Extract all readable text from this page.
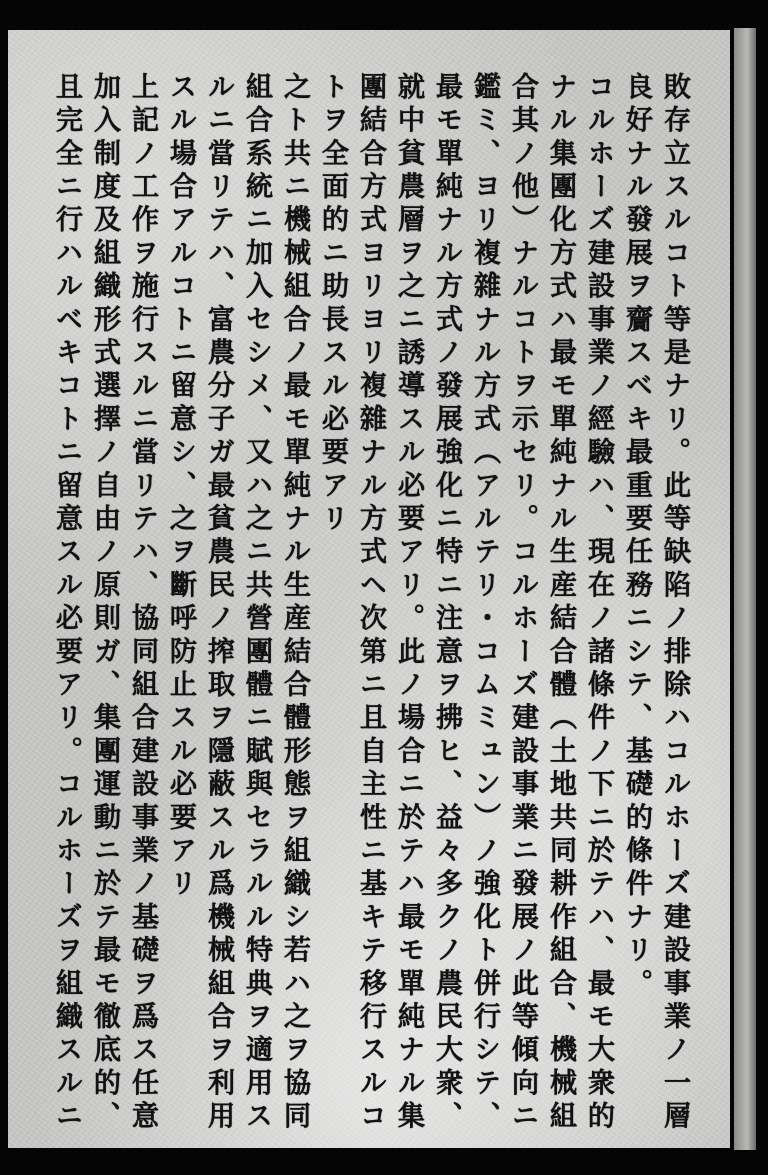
敗存立スルコト等是ナリ。此等缺陷ノ排除ハコルホーズ建設事業ノ一層
良好ナル發展ヲ齎スベキ最重要任務ニシテ、基礎的條件ナリ。
コルホーズ建設事業ノ經驗ハ、現在ノ諸條件ノ下ニ於テハ、最モ大衆的
ナル集團化方式ハ最モ單純ナル生産結合體（土地共同耕作組合、機械組
合其ノ他）ナルコトヲ示セリ。コルホーズ建設事業ニ發展ノ此等傾向ニ
鑑ミ、ヨリ複雜ナル方式（アルテリ・コムミュン）ノ強化ト併行シテ、
最モ單純ナル方式ノ發展強化ニ特ニ注意ヲ拂ヒ、益々多クノ農民大衆、
就中貧農層ヲ之ニ誘導スル必要アリ。此ノ場合ニ於テハ最モ單純ナル集
團結合方式ヨリヨリ複雜ナル方式ヘ次第ニ且自主性ニ基キテ移行スルコ
トヲ全面的ニ助長スル必要アリ
之ト共ニ機械組合ノ最モ單純ナル生産結合體形態ヲ組織シ若ハ之ヲ協同
組合系統ニ加入セシメ、又ハ之ニ共營團體ニ賦與セラルル特典ヲ適用ス
ルニ當リテハ、富農分子ガ最貧農民ノ搾取ヲ隱蔽スル爲機械組合ヲ利用
スル場合アルコトニ留意シ、之ヲ斷呼防止スル必要アリ
上記ノ工作ヲ施行スルニ當リテハ、協同組合建設事業ノ基礎ヲ爲ス任意
加入制度及組織形式選擇ノ自由ノ原則ガ、集團運動ニ於テ最モ徹底的、
且完全ニ行ハルベキコトニ留意スル必要アリ。コルホーズヲ組織スルニ
